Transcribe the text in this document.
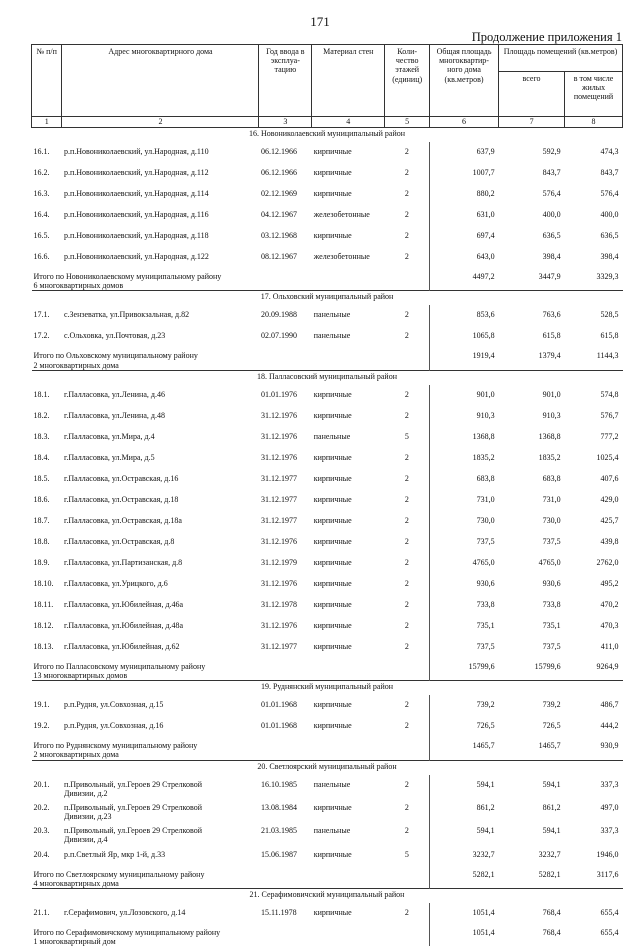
171
Продолжение приложения 1
№ п/п	Адрес многоквартирного дома	Год ввода в эксплуа- тацию	Материал стен	Коли- чество этажей (единиц)	Общая площадь многоквартир- ного дома (кв.метров)	Площадь помещений (кв.метров)	
						всего	в том числе жилых помещений
1	2	3	4	5	6	7	8
16. Новониколаевский муниципальный район							
16.1.	р.п.Новониколаевский, ул.Народная, д.110	06.12.1966	кирпичные	2	637,9	592,9	474,3
16.2.	р.п.Новониколаевский, ул.Народная, д.112	06.12.1966	кирпичные	2	1007,7	843,7	843,7
16.3.	р.п.Новониколаевский, ул.Народная, д.114	02.12.1969	кирпичные	2	880,2	576,4	576,4
16.4.	р.п.Новониколаевский, ул.Народная, д.116	04.12.1967	железобетонные	2	631,0	400,0	400,0
16.5.	р.п.Новониколаевский, ул.Народная, д.118	03.12.1968	кирпичные	2	697,4	636,5	636,5
16.6.	р.п.Новониколаевский, ул.Народная, д.122	08.12.1967	железобетонные	2	643,0	398,4	398,4

Итого по Новониколаевскому муниципальному району
6 многоквартирных домов					4497,2	3447,9	3329,3
17. Ольховский муниципальный район							
17.1.	с.Зензеватка, ул.Привокзальная, д.82	20.09.1988	панельные	2	853,6	763,6	528,5
17.2.	с.Ольховка, ул.Почтовая, д.23	02.07.1990	панельные	2	1065,8	615,8	615,8

Итого по Ольховскому муниципальному району
2 многоквартирных дома					1919,4	1379,4	1144,3
18. Палласовский муниципальный район							
18.1.	г.Палласовка, ул.Ленина, д.46	01.01.1976	кирпичные	2	901,0	901,0	574,8
18.2.	г.Палласовка, ул.Ленина, д.48	31.12.1976	кирпичные	2	910,3	910,3	576,7
18.3.	г.Палласовка, ул.Мира, д.4	31.12.1976	панельные	5	1368,8	1368,8	777,2
18.4.	г.Палласовка, ул.Мира, д.5	31.12.1976	кирпичные	2	1835,2	1835,2	1025,4
18.5.	г.Палласовка, ул.Остравская, д.16	31.12.1977	кирпичные	2	683,8	683,8	407,6
18.6.	г.Палласовка, ул.Остравская, д.18	31.12.1977	кирпичные	2	731,0	731,0	429,0
18.7.	г.Палласовка, ул.Остравская, д.18а	31.12.1977	кирпичные	2	730,0	730,0	425,7
18.8.	г.Палласовка, ул.Остравская, д.8	31.12.1976	кирпичные	2	737,5	737,5	439,8
18.9.	г.Палласовка, ул.Партизанская, д.8	31.12.1979	кирпичные	2	4765,0	4765,0	2762,0
18.10.	г.Палласовка, ул.Урицкого, д.6	31.12.1976	кирпичные	2	930,6	930,6	495,2
18.11.	г.Палласовка, ул.Юбилейная, д.46а	31.12.1978	кирпичные	2	733,8	733,8	470,2
18.12.	г.Палласовка, ул.Юбилейная, д.48а	31.12.1976	кирпичные	2	735,1	735,1	470,3
18.13.	г.Палласовка, ул.Юбилейная, д.62	31.12.1977	кирпичные	2	737,5	737,5	411,0

Итого по Палласовскому муниципальному району
13 многоквартирных домов					15799,6	15799,6	9264,9
19. Руднянский муниципальный район							
19.1.	р.п.Рудня, ул.Совхозная, д.15	01.01.1968	кирпичные	2	739,2	739,2	486,7
19.2.	р.п.Рудня, ул.Совхозная, д.16	01.01.1968	кирпичные	2	726,5	726,5	444,2

Итого по Руднянскому муниципальному району
2 многоквартирных дома					1465,7	1465,7	930,9
20. Светлоярский муниципальный район							
20.1.	п.Привольный, ул.Героев 29 Стрелковой
Дивизии, д.2	16.10.1985	панельные	2	594,1	594,1	337,3
20.2.	п.Привольный, ул.Героев 29 Стрелковой
Дивизии, д.23	13.08.1984	кирпичные	2	861,2	861,2	497,0
20.3.	п.Привольный, ул.Героев 29 Стрелковой
Дивизии, д.4	21.03.1985	панельные	2	594,1	594,1	337,3
20.4.	р.п.Светлый Яр, мкр 1-й, д.33	15.06.1987	кирпичные	5	3232,7	3232,7	1946,0

Итого по Светлоярскому муниципальному району
4 многоквартирных дома					5282,1	5282,1	3117,6
21. Серафимовичский муниципальный район							
21.1.	г.Серафимович, ул.Лозовского, д.14	15.11.1978	кирпичные	2	1051,4	768,4	655,4

Итого по Серафимовичскому муниципальному району
1 многоквартирный дом					1051,4	768,4	655,4
